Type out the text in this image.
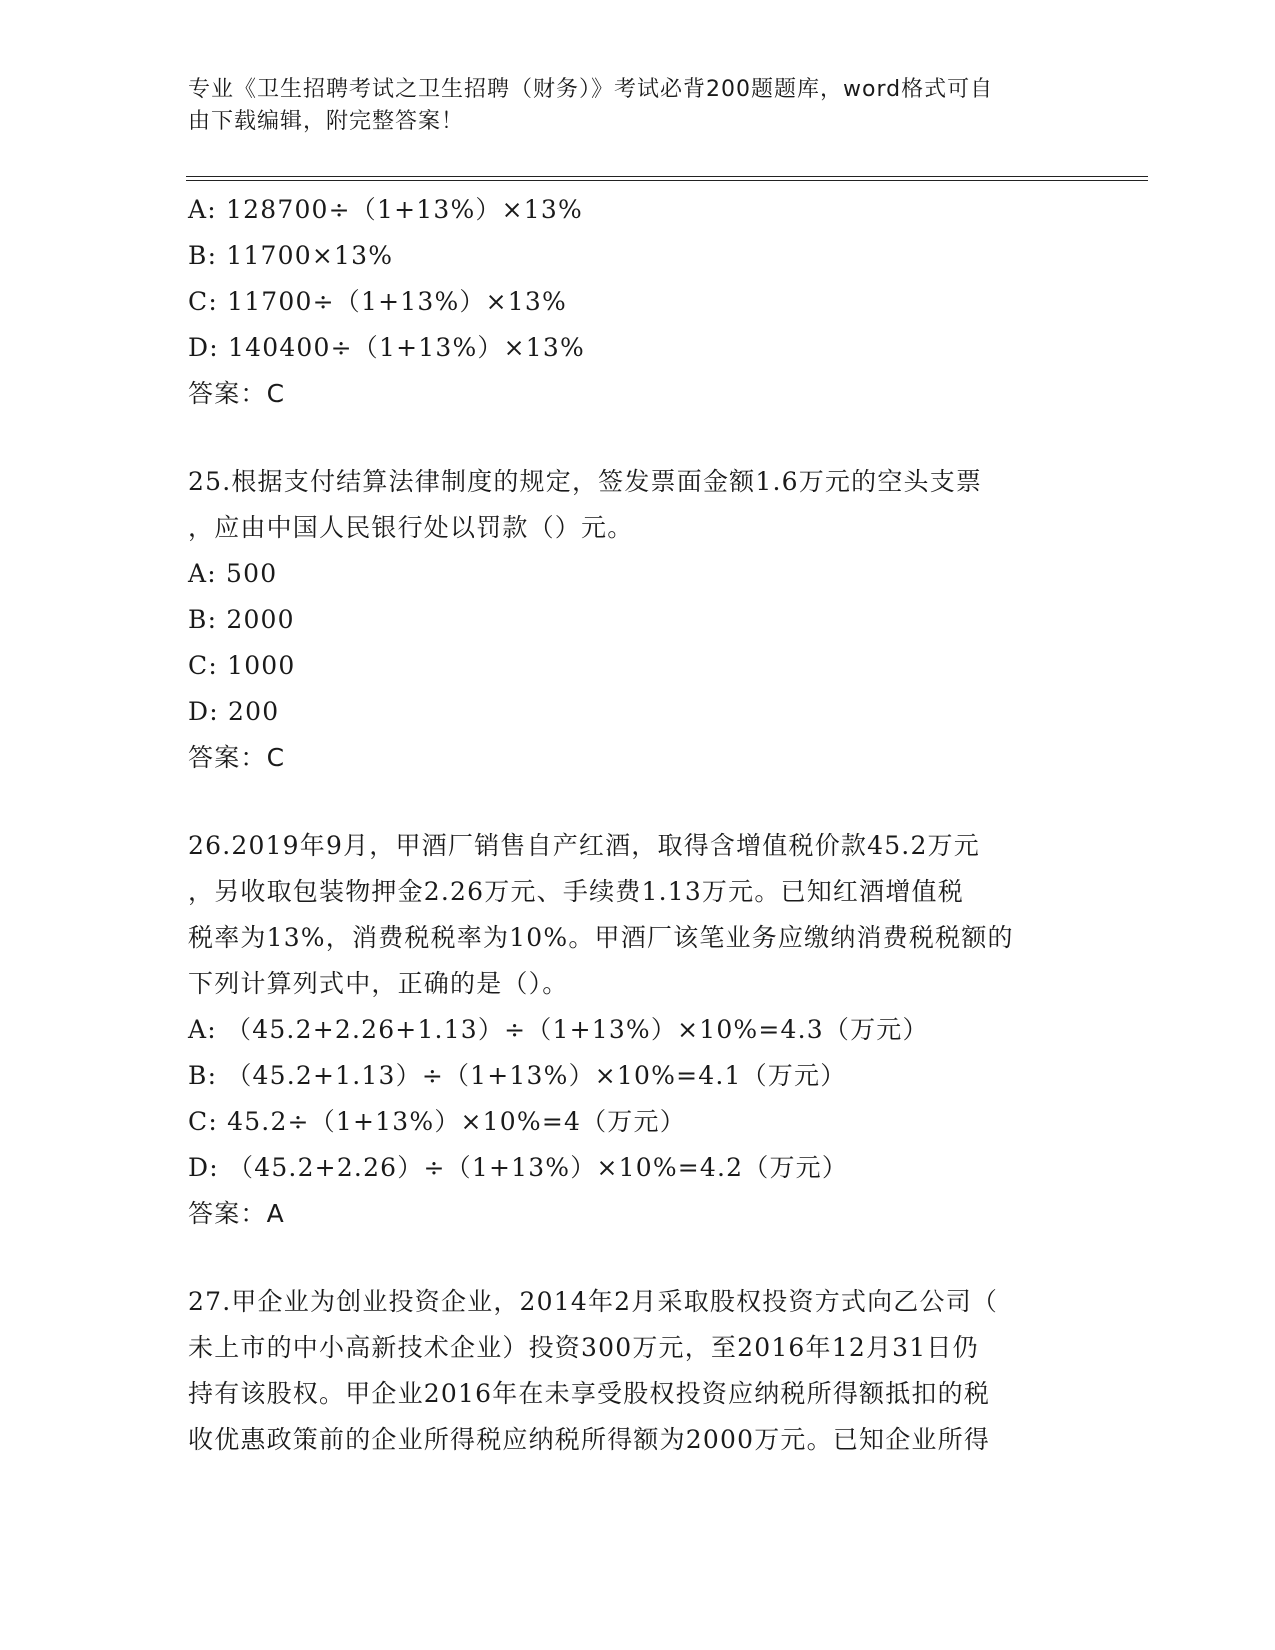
专业《卫生招聘考试之卫生招聘（财务）》考试必背200题题库，word格式可自
由下载编辑，附完整答案！
A: 128700÷（1+13%）×13%
B: 11700×13%
C: 11700÷（1+13%）×13%
D: 140400÷（1+13%）×13%
答案：C
25.根据支付结算法律制度的规定，签发票面金额1.6万元的空头支票
，应由中国人民银行处以罚款（）元。
A: 500
B: 2000
C: 1000
D: 200
答案：C
26.2019年9月，甲酒厂销售自产红酒，取得含增值税价款45.2万元
，另收取包装物押金2.26万元、手续费1.13万元。已知红酒增值税
税率为13%，消费税税率为10%。甲酒厂该笔业务应缴纳消费税税额的
下列计算列式中，正确的是（）。
A: （45.2+2.26+1.13）÷（1+13%）×10%=4.3（万元）
B: （45.2+1.13）÷（1+13%）×10%=4.1（万元）
C: 45.2÷（1+13%）×10%=4（万元）
D: （45.2+2.26）÷（1+13%）×10%=4.2（万元）
答案：A
27.甲企业为创业投资企业，2014年2月采取股权投资方式向乙公司（
未上市的中小高新技术企业）投资300万元，至2016年12月31日仍
持有该股权。甲企业2016年在未享受股权投资应纳税所得额抵扣的税
收优惠政策前的企业所得税应纳税所得额为2000万元。已知企业所得
